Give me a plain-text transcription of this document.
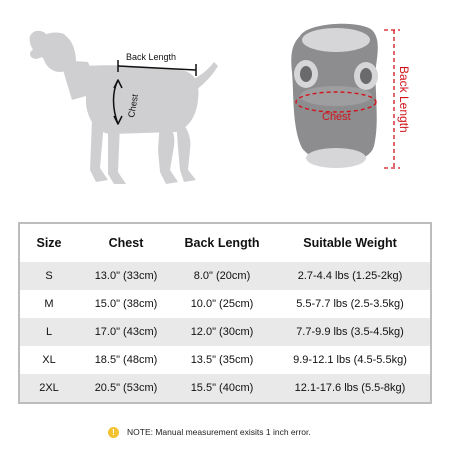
Back Length
Chest	Chest	Back Length
Size	Chest	Back Length	Suitable Weight
S	13.0" (33cm)	8.0" (20cm)	2.7-4.4 lbs (1.25-2kg)
M	15.0" (38cm)	10.0" (25cm)	5.5-7.7 lbs (2.5-3.5kg)
L	17.0" (43cm)	12.0" (30cm)	7.7-9.9 lbs (3.5-4.5kg)
XL	18.5" (48cm)	13.5" (35cm)	9.9-12.1 lbs (4.5-5.5kg)
2XL	20.5" (53cm)	15.5" (40cm)	12.1-17.6 lbs (5.5-8kg)
!	NOTE: Manual measurement exisits 1 inch error.
